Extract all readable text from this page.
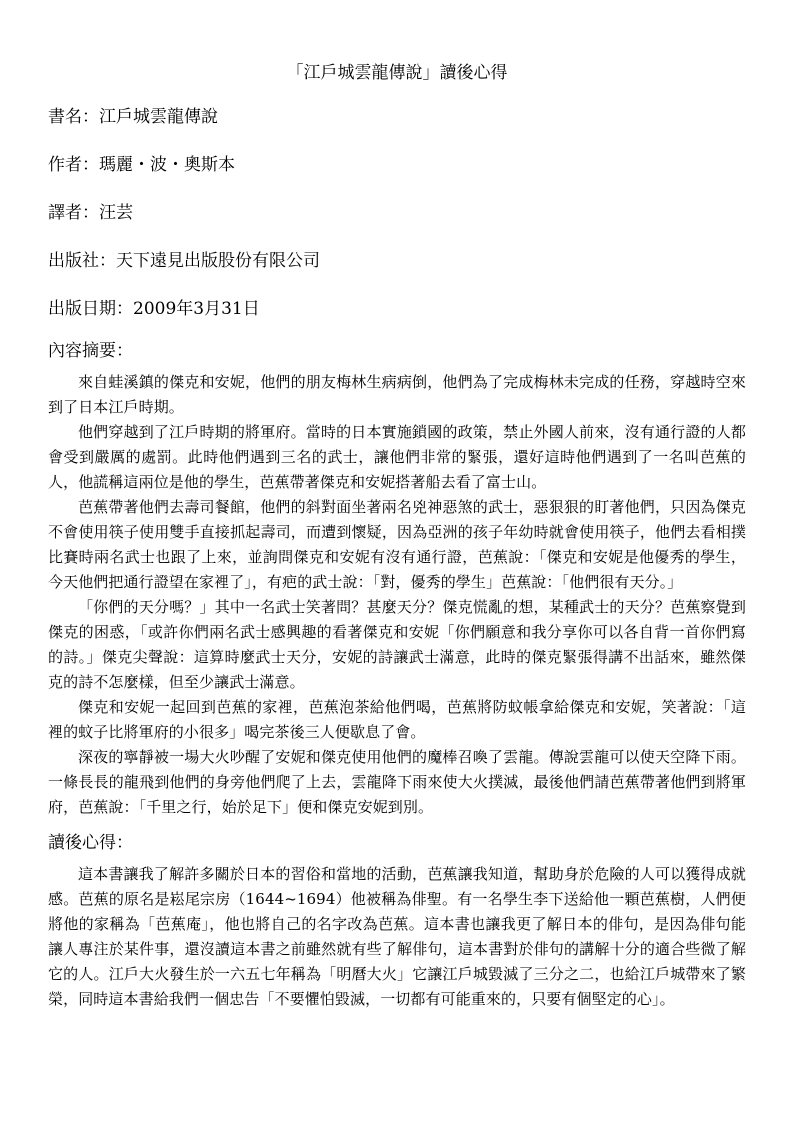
「江戶城雲龍傳說」讀後心得
書名：江戶城雲龍傳說
作者：瑪麗・波・奧斯本
譯者：汪芸
出版社：天下遠見出版股份有限公司
出版日期：2009年3月31日
內容摘要：

來自蛙溪鎮的傑克和安妮，他們的朋友梅林生病病倒，他們為了完成梅林未完成的任務，穿越時空來到了日本江戶時期。

他們穿越到了江戶時期的將軍府。當時的日本實施鎖國的政策，禁止外國人前來，沒有通行證的人都會受到嚴厲的處罰。此時他們遇到三名的武士，讓他們非常的緊張，還好這時他們遇到了一名叫芭蕉的人，他謊稱這兩位是他的學生，芭蕉帶著傑克和安妮搭著船去看了富士山。

芭蕉帶著他們去壽司餐館，他們的斜對面坐著兩名兇神惡煞的武士，惡狠狠的盯著他們，只因為傑克不會使用筷子使用雙手直接抓起壽司，而遭到懷疑，因為亞洲的孩子年幼時就會使用筷子，他們去看相撲比賽時兩名武士也跟了上來，並詢問傑克和安妮有沒有通行證，芭蕉說：「傑克和安妮是他優秀的學生，今天他們把通行證望在家裡了」，有疤的武士說：「對，優秀的學生」芭蕉說：「他們很有天分。」

「你們的天分嗎？」其中一名武士笑著問？甚麼天分？傑克慌亂的想，某種武士的天分？芭蕉察覺到傑克的困惑，「或許你們兩名武士感興趣的看著傑克和安妮「你們願意和我分享你可以各自背一首你們寫的詩。」傑克尖聲說：這算時麼武士天分，安妮的詩讓武士滿意，此時的傑克緊張得講不出話來，雖然傑克的詩不怎麼樣，但至少讓武士滿意。

傑克和安妮一起回到芭蕉的家裡，芭蕉泡茶給他們喝，芭蕉將防蚊帳拿給傑克和安妮，笑著說：「這裡的蚊子比將軍府的小很多」喝完茶後三人便歇息了會。

深夜的寧靜被一場大火吵醒了安妮和傑克使用他們的魔棒召喚了雲龍。傳說雲龍可以使天空降下雨。一條長長的龍飛到他們的身旁他們爬了上去，雲龍降下雨來使大火撲滅，最後他們請芭蕉帶著他們到將軍府，芭蕉說：「千里之行，始於足下」便和傑克安妮到別。

讀後心得：

這本書讓我了解許多關於日本的習俗和當地的活動，芭蕉讓我知道，幫助身於危險的人可以獲得成就感。芭蕉的原名是崧尾宗房（1644~1694）他被稱為俳聖。有一名學生李下送給他一顆芭蕉樹，人們便將他的家稱為「芭蕉庵」，他也將自己的名字改為芭蕉。這本書也讓我更了解日本的俳句，是因為俳句能讓人專注於某件事，還沒讀這本書之前雖然就有些了解俳句，這本書對於俳句的講解十分的適合些微了解它的人。江戶大火發生於一六五七年稱為「明曆大火」它讓江戶城毀滅了三分之二，也給江戶城帶來了繁榮，同時這本書給我們一個忠告「不要懼怕毀滅，一切都有可能重來的，只要有個堅定的心」。
